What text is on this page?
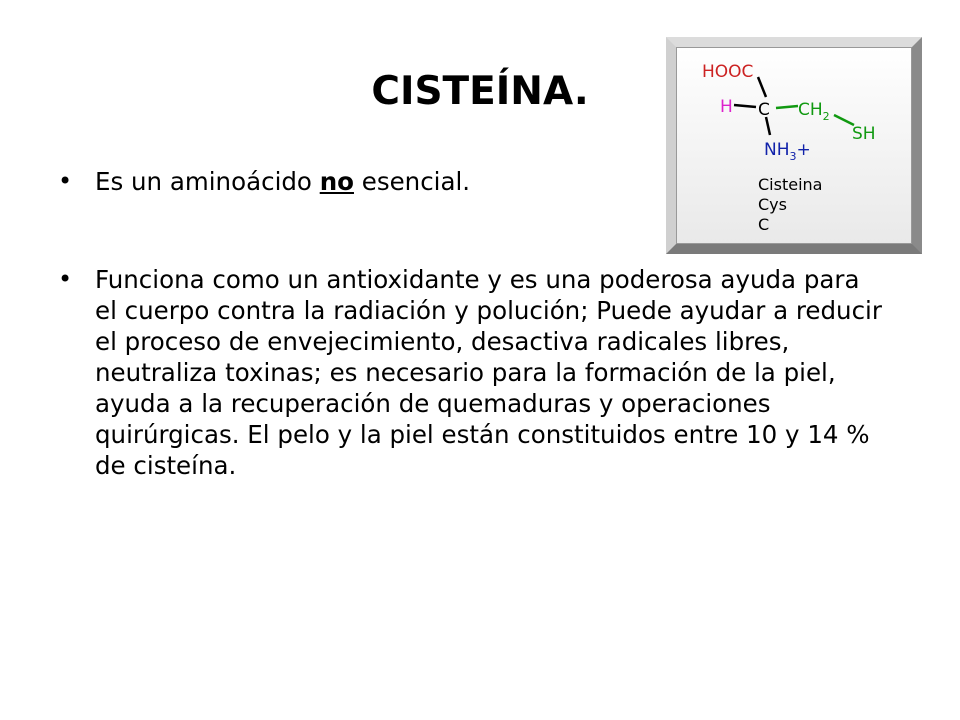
CISTEÍNA.
• Es un aminoácido no esencial.
• Funciona como un antioxidante y es una poderosa ayuda para el cuerpo contra la radiación y polución; Puede ayudar a reducir el proceso de envejecimiento, desactiva radicales libres, neutraliza toxinas; es necesario para la formación de la piel, ayuda a la recuperación de quemaduras y operaciones quirúrgicas. El pelo y la piel están constituidos entre 10 y 14 % de cisteína.
HOOC
H C $CH_2$
SH
$NH_3+$
Cisteina
Cys
C
